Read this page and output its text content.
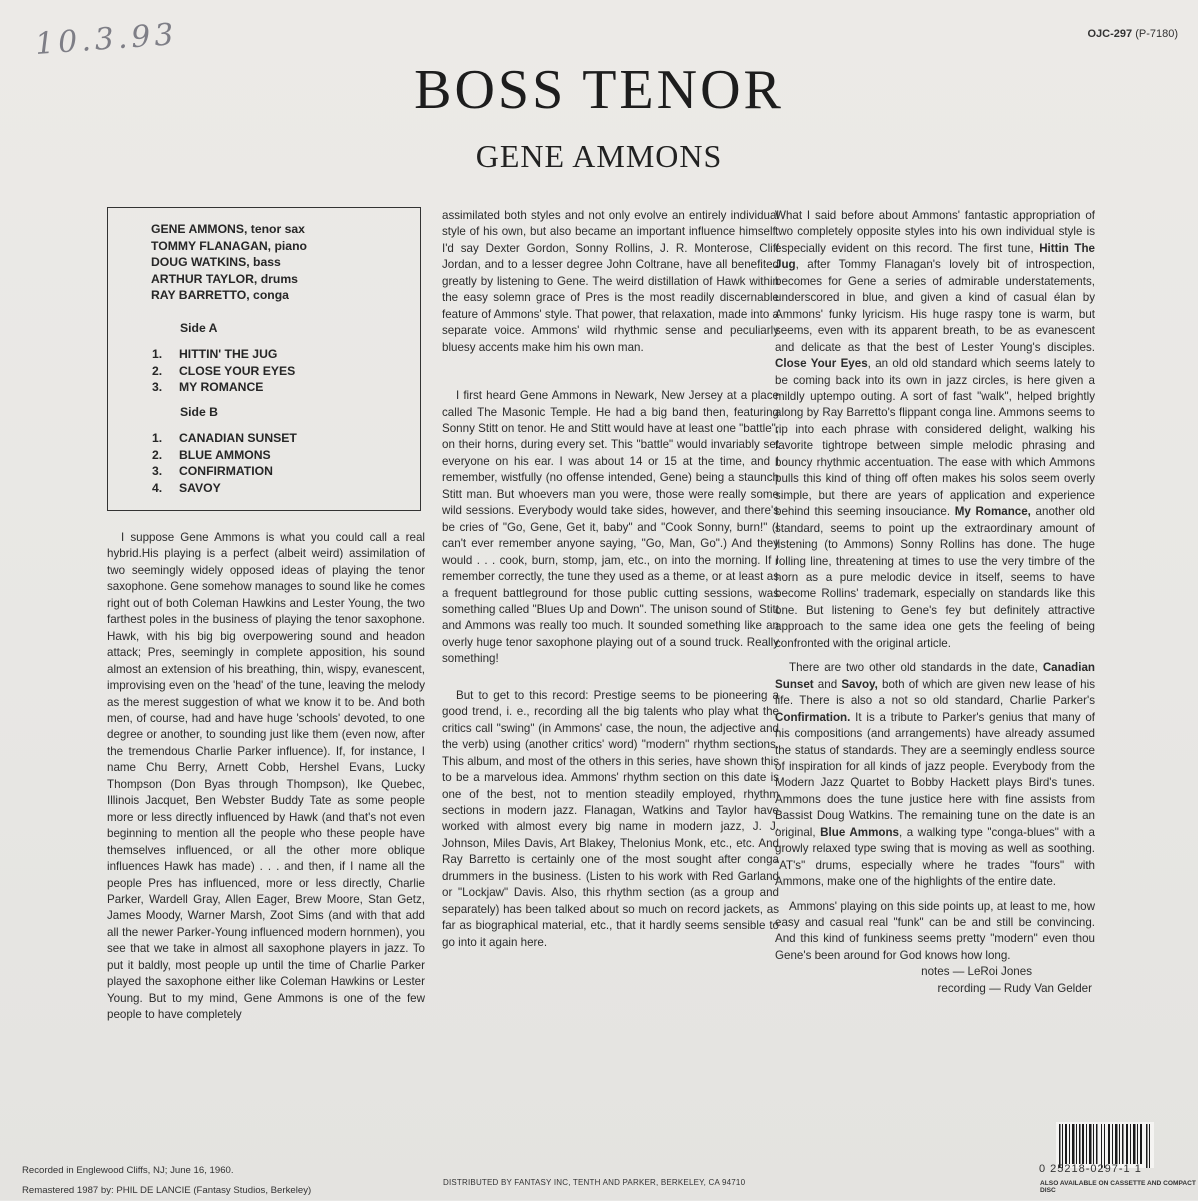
10.3.93	OJC-297 (P-7180)
BOSS TENOR
GENE AMMONS
GENE AMMONS, tenor sax
TOMMY FLANAGAN, piano
DOUG WATKINS, bass
ARTHUR TAYLOR, drums
RAY BARRETTO, conga
Side A
1. HITTIN' THE JUG
2. CLOSE YOUR EYES
3. MY ROMANCE
Side B
1. CANADIAN SUNSET
2. BLUE AMMONS
3. CONFIRMATION
4. SAVOY

I suppose Gene Ammons is what you could call a real hybrid.His playing is a perfect (albeit weird) assimilation of two seemingly widely opposed ideas of playing the tenor saxophone. Gene somehow manages to sound like he comes right out of both Coleman Hawkins and Lester Young, the two farthest poles in the business of playing the tenor saxophone. Hawk, with his big big overpowering sound and headon attack; Pres, seemingly in complete apposition, his sound almost an extension of his breathing, thin, wispy, evanescent, improvising even on the 'head' of the tune, leaving the melody as the merest suggestion of what we know it to be. And both men, of course, had and have huge 'schools' devoted, to one degree or another, to sounding just like them (even now, after the tremendous Charlie Parker influence). If, for instance, I name Chu Berry, Arnett Cobb, Hershel Evans, Lucky Thompson (Don Byas through Thompson), Ike Quebec, Illinois Jacquet, Ben Webster Buddy Tate as some people more or less directly influenced by Hawk (and that's not even beginning to mention all the people who these people have themselves influenced, or all the other more oblique influences Hawk has made) . . . and then, if I name all the people Pres has influenced, more or less directly, Charlie Parker, Wardell Gray, Allen Eager, Brew Moore, Stan Getz, James Moody, Warner Marsh, Zoot Sims (and with that add all the newer Parker-Young influenced modern hornmen), you see that we take in almost all saxophone players in jazz. To put it baldly, most people up until the time of Charlie Parker played the saxophone either like Coleman Hawkins or Lester Young. But to my mind, Gene Ammons is one of the few people to have completely

assimilated both styles and not only evolve an entirely individual style of his own, but also became an important influence himself. I'd say Dexter Gordon, Sonny Rollins, J. R. Monterose, Cliff Jordan, and to a lesser degree John Coltrane, have all benefited greatly by listening to Gene. The weird distillation of Hawk within the easy solemn grace of Pres is the most readily discernable feature of Ammons' style. That power, that relaxation, made into a separate voice. Ammons' wild rhythmic sense and peculiarly bluesy accents make him his own man.

I first heard Gene Ammons in Newark, New Jersey at a place called The Masonic Temple. He had a big band then, featuring Sonny Stitt on tenor. He and Stitt would have at least one "battle", on their horns, during every set. This "battle" would invariably set everyone on his ear. I was about 14 or 15 at the time, and I remember, wistfully (no offense intended, Gene) being a staunch Stitt man. But whoevers man you were, those were really some wild sessions. Everybody would take sides, however, and there's be cries of "Go, Gene, Get it, baby" and "Cook Sonny, burn!" (I can't ever remember anyone saying, "Go, Man, Go".) And they would . . . cook, burn, stomp, jam, etc., on into the morning. If I remember correctly, the tune they used as a theme, or at least as a frequent battleground for those public cutting sessions, was something called "Blues Up and Down". The unison sound of Stitt and Ammons was really too much. It sounded something like an overly huge tenor saxophone playing out of a sound truck. Really something!

But to get to this record: Prestige seems to be pioneering a good trend, i. e., recording all the big talents who play what the critics call "swing" (in Ammons' case, the noun, the adjective and the verb) using (another critics' word) "modern" rhythm sections. This album, and most of the others in this series, have shown this to be a marvelous idea. Ammons' rhythm section on this date is one of the best, not to mention steadily employed, rhythm sections in modern jazz. Flanagan, Watkins and Taylor have worked with almost every big name in modern jazz, J. J. Johnson, Miles Davis, Art Blakey, Thelonius Monk, etc., etc. And Ray Barretto is certainly one of the most sought after conga drummers in the business. (Listen to his work with Red Garland or "Lockjaw" Davis. Also, this rhythm section (as a group and separately) has been talked about so much on record jackets, as far as biographical material, etc., that it hardly seems sensible to go into it again here.

What I said before about Ammons' fantastic appropriation of two completely opposite styles into his own individual style is especially evident on this record. The first tune, Hittin The Jug, after Tommy Flanagan's lovely bit of introspection, becomes for Gene a series of admirable understatements, underscored in blue, and given a kind of casual élan by Ammons' funky lyricism. His huge raspy tone is warm, but seems, even with its apparent breath, to be as evanescent and delicate as that the best of Lester Young's disciples. Close Your Eyes, an old old standard which seems lately to be coming back into its own in jazz circles, is here given a mildly uptempo outing. A sort of fast "walk", helped brightly along by Ray Barretto's flippant conga line. Ammons seems to rip into each phrase with considered delight, walking his favorite tightrope between simple melodic phrasing and bouncy rhythmic accentuation. The ease with which Ammons pulls this kind of thing off often makes his solos seem overly simple, but there are years of application and experience behind this seeming insouciance. My Romance, another old standard, seems to point up the extraordinary amount of listening (to Ammons) Sonny Rollins has done. The huge rolling line, threatening at times to use the very timbre of the horn as a pure melodic device in itself, seems to have become Rollins' trademark, especially on standards like this one. But listening to Gene's fey but definitely attractive approach to the same idea one gets the feeling of being confronted with the original article.

There are two other old standards in the date, Canadian Sunset and Savoy, both of which are given new lease of his life. There is also a not so old standard, Charlie Parker's Confirmation. It is a tribute to Parker's genius that many of his compositions (and arrangements) have already assumed the status of standards. They are a seemingly endless source of inspiration for all kinds of jazz people. Everybody from the Modern Jazz Quartet to Bobby Hackett plays Bird's tunes. Ammons does the tune justice here with fine assists from Bassist Doug Watkins. The remaining tune on the date is an original, Blue Ammons, a walking type "conga-blues" with a growly relaxed type swing that is moving as well as soothing. "AT's" drums, especially where he trades "fours" with Ammons, make one of the highlights of the entire date.

Ammons' playing on this side points up, at least to me, how easy and casual real "funk" can be and still be convincing. And this kind of funkiness seems pretty "modern" even thou Gene's been around for God knows how long.

notes — LeRoi Jones
recording — Rudy Van Gelder
Recorded in Englewood Cliffs, NJ; June 16, 1960.
Remastered 1987 by: PHIL DE LANCIE (Fantasy Studios, Berkeley)
DISTRIBUTED BY FANTASY INC, TENTH AND PARKER, BERKELEY, CA 94710
0 25218-0297-1 1
ALSO AVAILABLE ON CASSETTE AND COMPACT DISC
